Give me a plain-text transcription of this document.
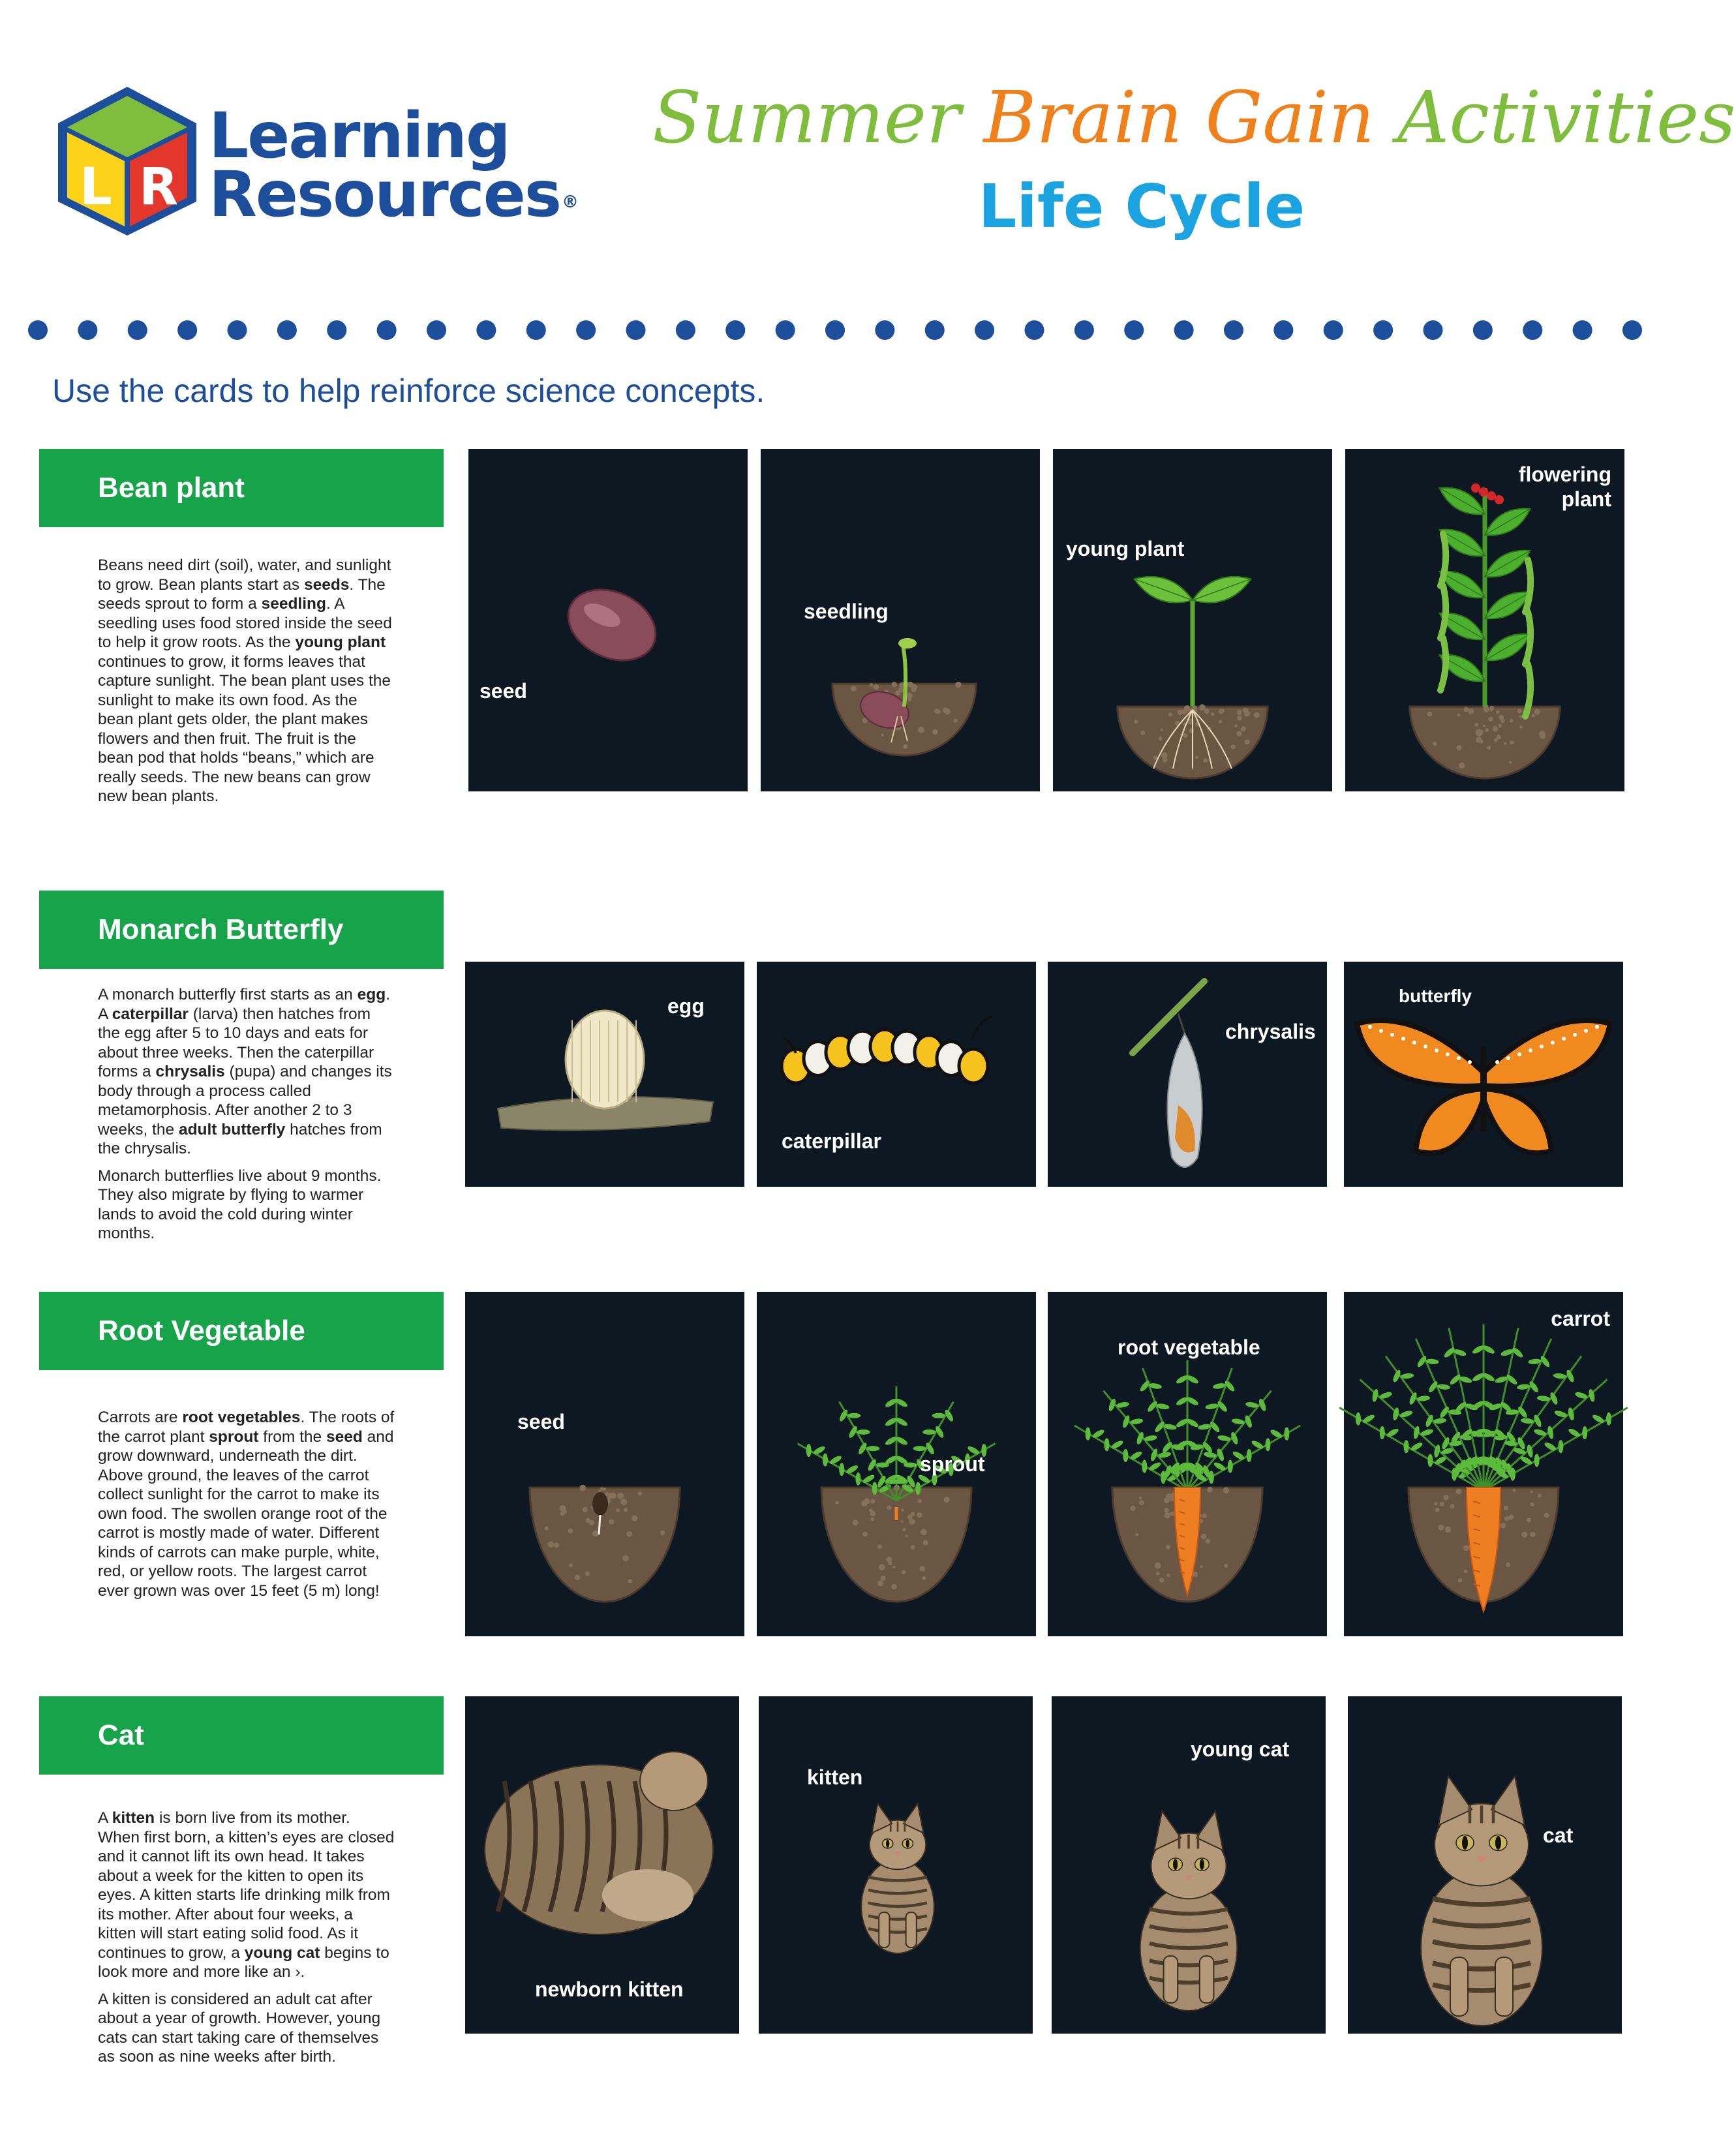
L R
Learning
Resources®
Summer Brain Gain Activities
Life Cycle
Use the cards to help reinforce science concepts.
Bean plant

Beans need dirt (soil), water, and sunlight to grow. Bean plants start as seeds. The seeds sprout to form a seedling. A seedling uses food stored inside the seed to help it grow roots. As the young plant continues to grow, it forms leaves that capture sunlight. The bean plant uses the sunlight to make its own food. As the bean plant gets older, the plant makes flowers and then fruit. The fruit is the bean pod that holds “beans,” which are really seeds. The new beans can grow new bean plants.

seed
seedling
young plant
flowering plant
Monarch Butterfly

A monarch butterfly first starts as an egg. A caterpillar (larva) then hatches from the egg after 5 to 10 days and eats for about three weeks. Then the caterpillar forms a chrysalis (pupa) and changes its body through a process called metamorphosis. After another 2 to 3 weeks, the adult butterfly hatches from the chrysalis.

Monarch butterflies live about 9 months. They also migrate by flying to warmer lands to avoid the cold during winter months.

egg
caterpillar
chrysalis
butterfly
Root Vegetable

Carrots are root vegetables. The roots of the carrot plant sprout from the seed and grow downward, underneath the dirt. Above ground, the leaves of the carrot collect sunlight for the carrot to make its own food. The swollen orange root of the carrot is mostly made of water. Different kinds of carrots can make purple, white, red, or yellow roots. The largest carrot ever grown was over 15 feet (5 m) long!

seed
sprout
root vegetable
carrot
Cat

A kitten is born live from its mother. When first born, a kitten’s eyes are closed and it cannot lift its own head. It takes about a week for the kitten to open its eyes. A kitten starts life drinking milk from its mother. After about four weeks, a kitten will start eating solid food. As it continues to grow, a young cat begins to look more and more like an ›.

A kitten is considered an adult cat after about a year of growth. However, young cats can start taking care of themselves as soon as nine weeks after birth.

newborn kitten
kitten
young cat
cat
